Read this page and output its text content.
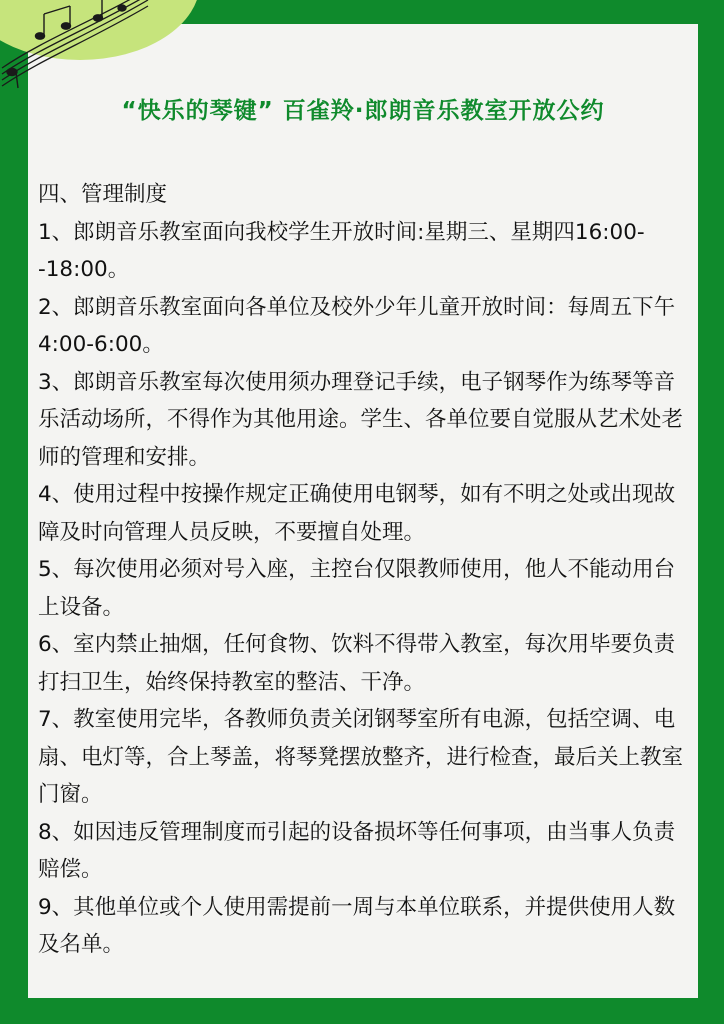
“快乐的琴键” 百雀羚·郎朗音乐教室开放公约

四、管理制度

1、郎朗音乐教室面向我校学生开放时间:星期三、星期四16:00--18:00。

2、郎朗音乐教室面向各单位及校外少年儿童开放时间：每周五下午4:00-6:00。

3、郎朗音乐教室每次使用须办理登记手续，电子钢琴作为练琴等音乐活动场所，不得作为其他用途。学生、各单位要自觉服从艺术处老师的管理和安排。

4、使用过程中按操作规定正确使用电钢琴，如有不明之处或出现故障及时向管理人员反映，不要擅自处理。

5、每次使用必须对号入座，主控台仅限教师使用，他人不能动用台上设备。

6、室内禁止抽烟，任何食物、饮料不得带入教室，每次用毕要负责打扫卫生，始终保持教室的整洁、干净。

7、教室使用完毕，各教师负责关闭钢琴室所有电源，包括空调、电扇、电灯等，合上琴盖，将琴凳摆放整齐，进行检查，最后关上教室门窗。

8、如因违反管理制度而引起的设备损坏等任何事项，由当事人负责赔偿。

9、其他单位或个人使用需提前一周与本单位联系，并提供使用人数及名单。
